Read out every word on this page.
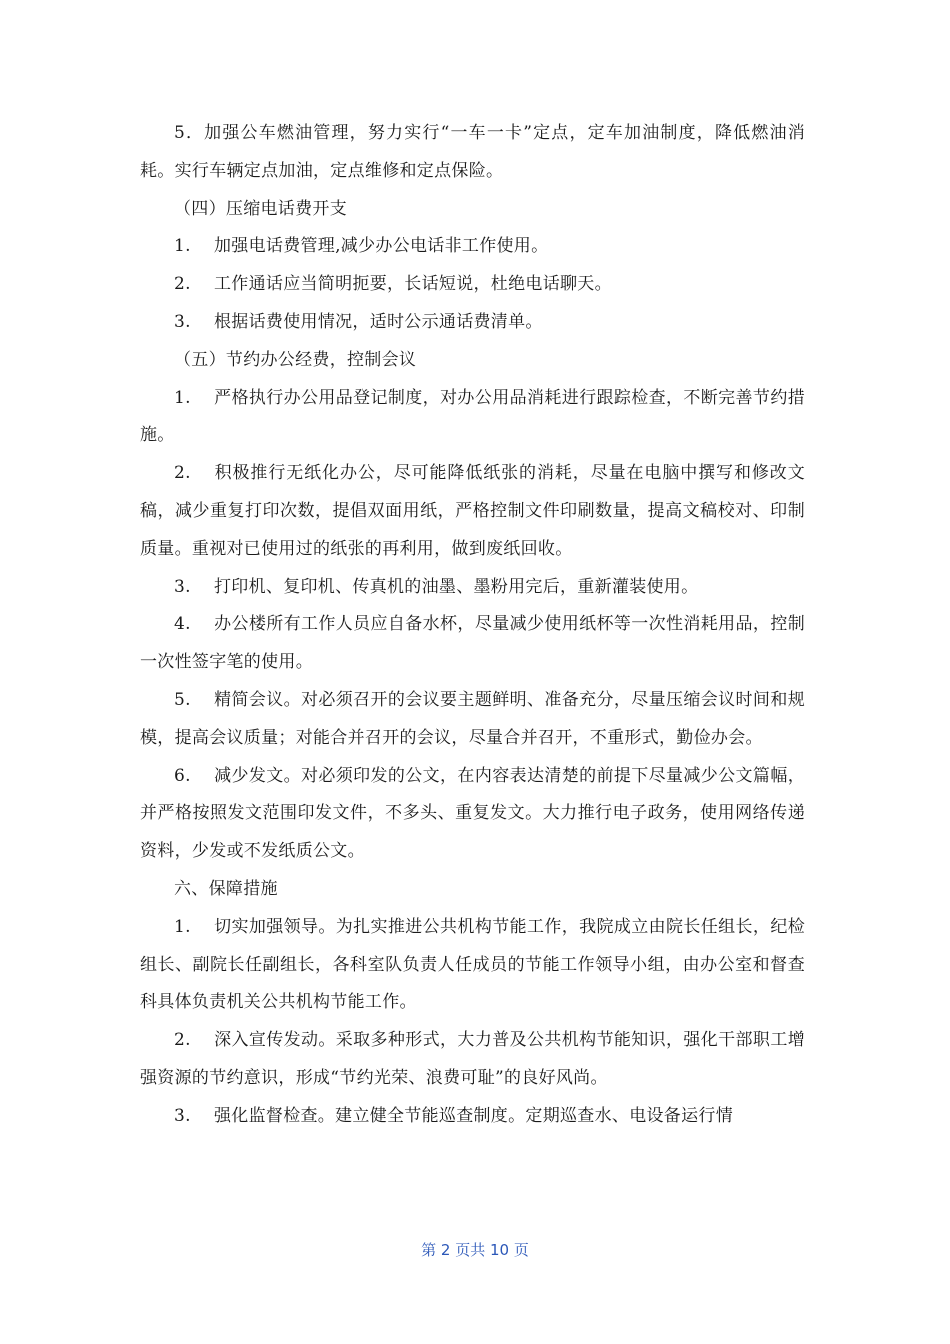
5．加强公车燃油管理，努力实行“一车一卡”定点，定车加油制度，降低燃油消耗。实行车辆定点加油，定点维修和定点保险。

（四）压缩电话费开支

1. 加强电话费管理,减少办公电话非工作使用。

2. 工作通话应当简明扼要，长话短说，杜绝电话聊天。

3. 根据话费使用情况，适时公示通话费清单。

（五）节约办公经费，控制会议

1. 严格执行办公用品登记制度，对办公用品消耗进行跟踪检查，不断完善节约措施。

2. 积极推行无纸化办公，尽可能降低纸张的消耗，尽量在电脑中撰写和修改文稿，减少重复打印次数，提倡双面用纸，严格控制文件印刷数量，提高文稿校对、印制质量。重视对已使用过的纸张的再利用，做到废纸回收。

3. 打印机、复印机、传真机的油墨、墨粉用完后，重新灌装使用。

4. 办公楼所有工作人员应自备水杯，尽量减少使用纸杯等一次性消耗用品，控制一次性签字笔的使用。

5. 精简会议。对必须召开的会议要主题鲜明、准备充分，尽量压缩会议时间和规模，提高会议质量；对能合并召开的会议，尽量合并召开，不重形式，勤俭办会。

6. 减少发文。对必须印发的公文，在内容表达清楚的前提下尽量减少公文篇幅，并严格按照发文范围印发文件，不多头、重复发文。大力推行电子政务，使用网络传递资料，少发或不发纸质公文。

六、保障措施

1. 切实加强领导。为扎实推进公共机构节能工作，我院成立由院长任组长，纪检组长、副院长任副组长，各科室队负责人任成员的节能工作领导小组，由办公室和督查科具体负责机关公共机构节能工作。

2. 深入宣传发动。采取多种形式，大力普及公共机构节能知识，强化干部职工增强资源的节约意识，形成“节约光荣、浪费可耻”的良好风尚。

3. 强化监督检查。建立健全节能巡查制度。定期巡查水、电设备运行情

第 2 页共 10 页
